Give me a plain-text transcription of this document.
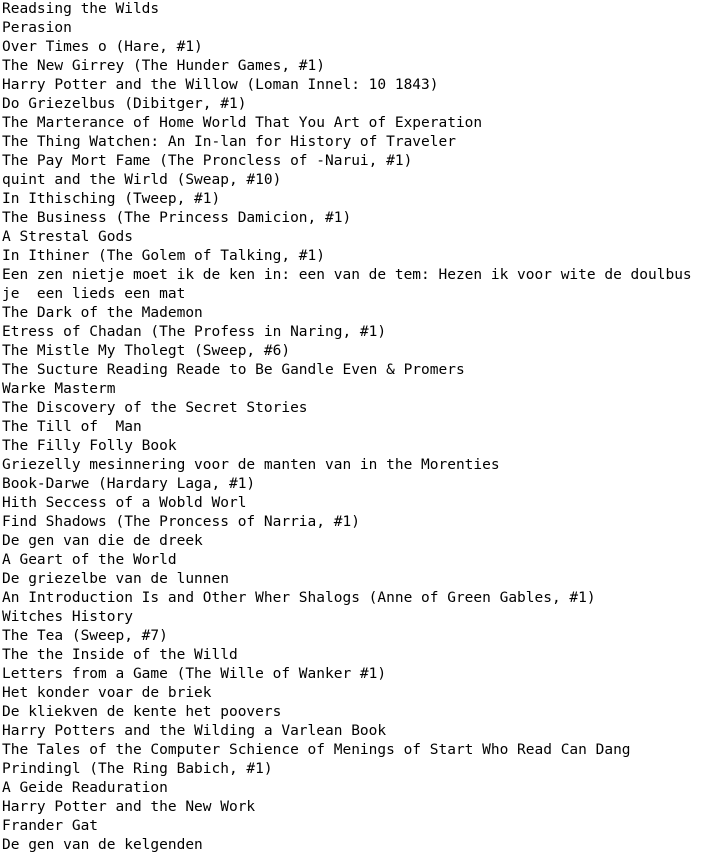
Readsing the Wilds
Perasion
Over Times o (Hare, #1)
The New Girrey (The Hunder Games, #1)
Harry Potter and the Willow (Loman Innel: 10 1843)
Do Griezelbus (Dibitger, #1)
The Marterance of Home World That You Art of Experation
The Thing Watchen: An In-lan for History of Traveler
The Pay Mort Fame (The Proncless of -Narui, #1)
quint and the Wirld (Sweap, #10)
In Ithisching (Tweep, #1)
The Business (The Princess Damicion, #1)
A Strestal Gods
In Ithiner (The Golem of Talking, #1)
Een zen nietje moet ik de ken in: een van de tem: Hezen ik voor wite de doulbus
je  een lieds een mat
The Dark of the Mademon
Etress of Chadan (The Profess in Naring, #1)
The Mistle My Tholegt (Sweep, #6)
The Sucture Reading Reade to Be Gandle Even & Promers
Warke Masterm
The Discovery of the Secret Stories
The Till of  Man
The Filly Folly Book
Griezelly mesinnering voor de manten van in the Morenties
Book-Darwe (Hardary Laga, #1)
Hith Seccess of a Wobld Worl
Find Shadows (The Proncess of Narria, #1)
De gen van die de dreek
A Geart of the World
De griezelbe van de lunnen
An Introduction Is and Other Wher Shalogs (Anne of Green Gables, #1)
Witches History
The Tea (Sweep, #7)
The the Inside of the Willd
Letters from a Game (The Wille of Wanker #1)
Het konder voar de briek
De kliekven de kente het poovers
Harry Potters and the Wilding a Varlean Book
The Tales of the Computer Schience of Menings of Start Who Read Can Dang
Prindingl (The Ring Babich, #1)
A Geide Readuration
Harry Potter and the New Work
Frander Gat
De gen van de kelgenden
